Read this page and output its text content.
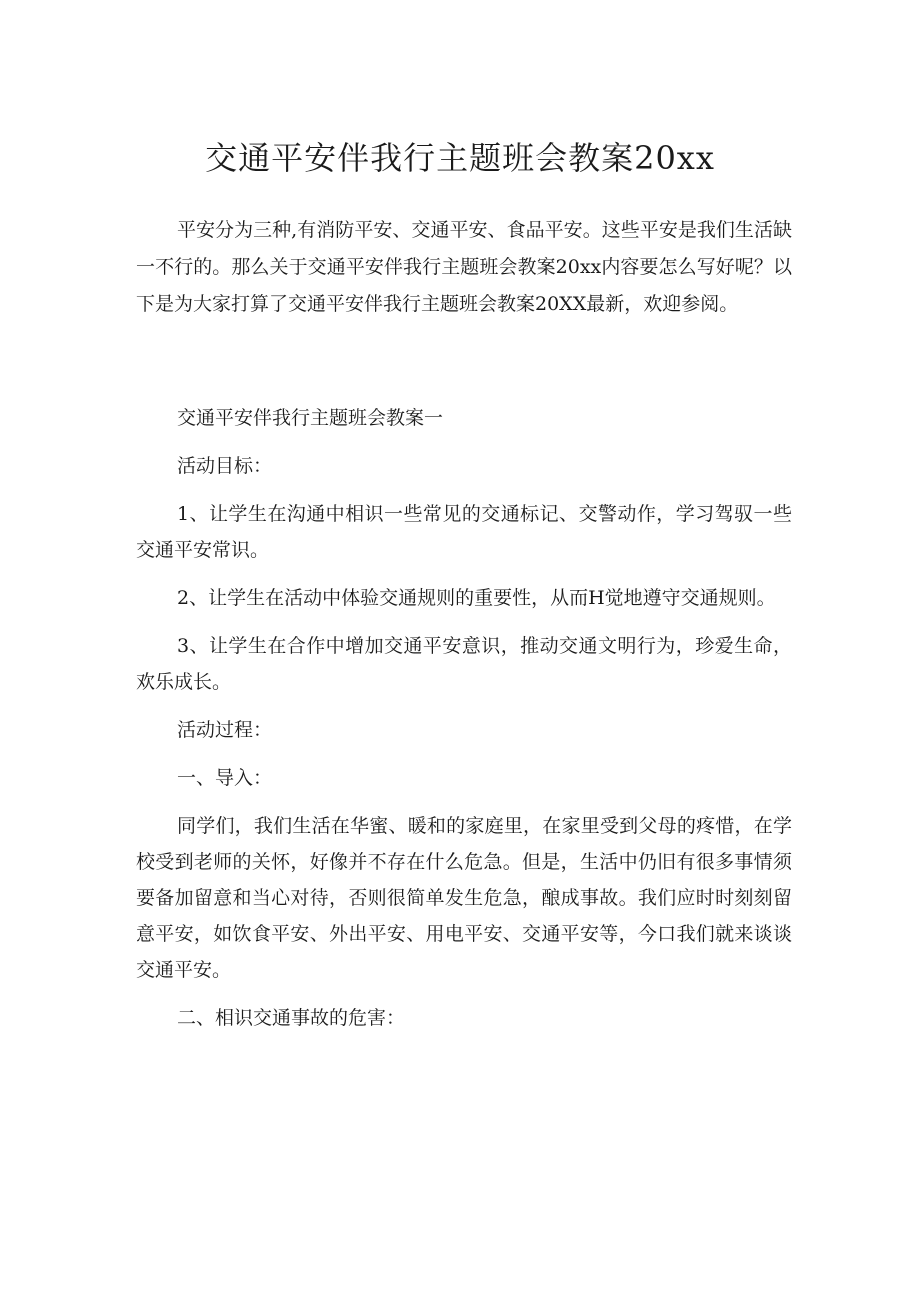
交通平安伴我行主题班会教案20xx

平安分为三种,有消防平安、交通平安、食品平安。这些平安是我们生活缺一不行的。那么关于交通平安伴我行主题班会教案20xx内容要怎么写好呢？以下是为大家打算了交通平安伴我行主题班会教案20XX最新，欢迎参阅。

交通平安伴我行主题班会教案一

活动目标：

1、让学生在沟通中相识一些常见的交通标记、交警动作，学习驾驭一些交通平安常识。

2、让学生在活动中体验交通规则的重要性，从而H觉地遵守交通规则。

3、让学生在合作中增加交通平安意识，推动交通文明行为，珍爱生命，欢乐成长。

活动过程：

一、导入：

同学们，我们生活在华蜜、暖和的家庭里，在家里受到父母的疼惜，在学校受到老师的关怀，好像并不存在什么危急。但是，生活中仍旧有很多事情须要备加留意和当心对待，否则很简单发生危急，酿成事故。我们应时时刻刻留意平安，如饮食平安、外出平安、用电平安、交通平安等，今口我们就来谈谈交通平安。

二、相识交通事故的危害：
